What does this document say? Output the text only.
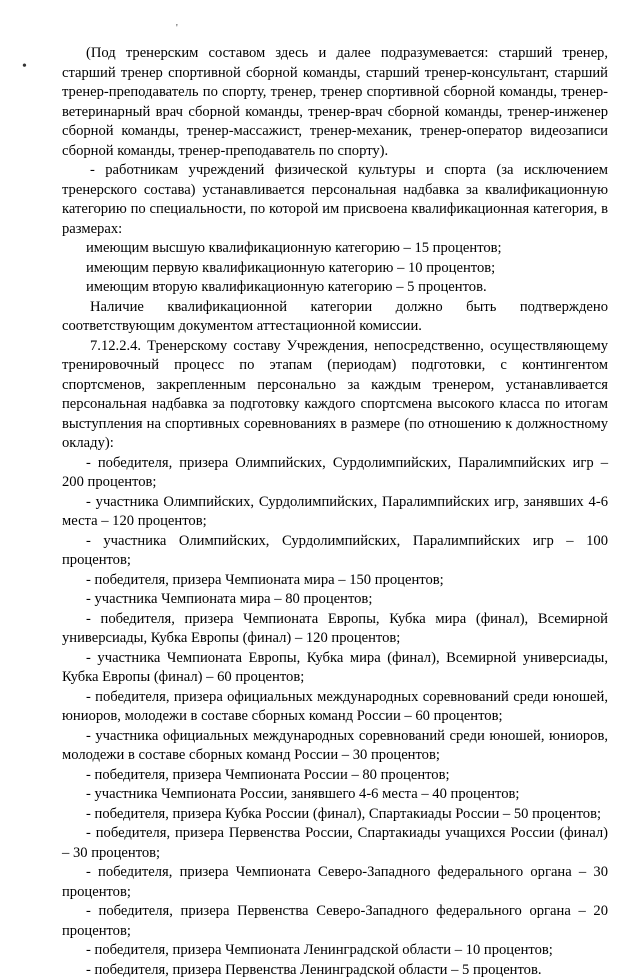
'
•

(Под тренерским составом здесь и далее подразумевается: старший тренер, старший тренер спортивной сборной команды, старший тренер-консультант, старший тренер-преподаватель по спорту, тренер, тренер спортивной сборной команды, тренер-ветеринарный врач сборной команды, тренер-врач сборной команды, тренер-инженер сборной команды, тренер-массажист, тренер-механик, тренер-оператор видеозаписи сборной команды, тренер-преподаватель по спорту).

- работникам учреждений физической культуры и спорта (за исключением тренерского состава) устанавливается персональная надбавка за квалификационную категорию по специальности, по которой им присвоена квалификационная категория, в размерах:

имеющим высшую квалификационную категорию – 15 процентов;

имеющим первую квалификационную категорию – 10 процентов;

имеющим вторую квалификационную категорию – 5 процентов.

Наличие квалификационной категории должно быть подтверждено соответствующим документом аттестационной комиссии.

7.12.2.4. Тренерскому составу Учреждения, непосредственно, осуществляющему тренировочный процесс по этапам (периодам) подготовки, с контингентом спортсменов, закрепленным персонально за каждым тренером, устанавливается персональная надбавка за подготовку каждого спортсмена высокого класса по итогам выступления на спортивных соревнованиях в размере (по отношению к должностному окладу):

- победителя, призера Олимпийских, Сурдолимпийских, Паралимпийских игр – 200 процентов;

- участника Олимпийских, Сурдолимпийских, Паралимпийских игр, занявших 4-6 места – 120 процентов;

- участника Олимпийских, Сурдолимпийских, Паралимпийских игр – 100 процентов;

- победителя, призера Чемпионата мира – 150 процентов;

- участника Чемпионата мира – 80 процентов;

- победителя, призера Чемпионата Европы, Кубка мира (финал), Всемирной универсиады, Кубка Европы (финал) – 120 процентов;

- участника Чемпионата Европы, Кубка мира (финал), Всемирной универсиады, Кубка Европы (финал) – 60 процентов;

- победителя, призера официальных международных соревнований среди юношей, юниоров, молодежи в составе сборных команд России – 60 процентов;

- участника официальных международных соревнований среди юношей, юниоров, молодежи в составе сборных команд России – 30 процентов;

- победителя, призера Чемпионата России – 80 процентов;

- участника Чемпионата России, занявшего 4-6 места – 40 процентов;

- победителя, призера Кубка России (финал), Спартакиады России – 50 процентов;

- победителя, призера Первенства России, Спартакиады учащихся России (финал) – 30 процентов;

- победителя, призера Чемпионата Северо-Западного федерального органа – 30 процентов;

- победителя, призера Первенства Северо-Западного федерального органа – 20 процентов;

- победителя, призера Чемпионата Ленинградской области – 10 процентов;

- победителя, призера Первенства Ленинградской области – 5 процентов.
